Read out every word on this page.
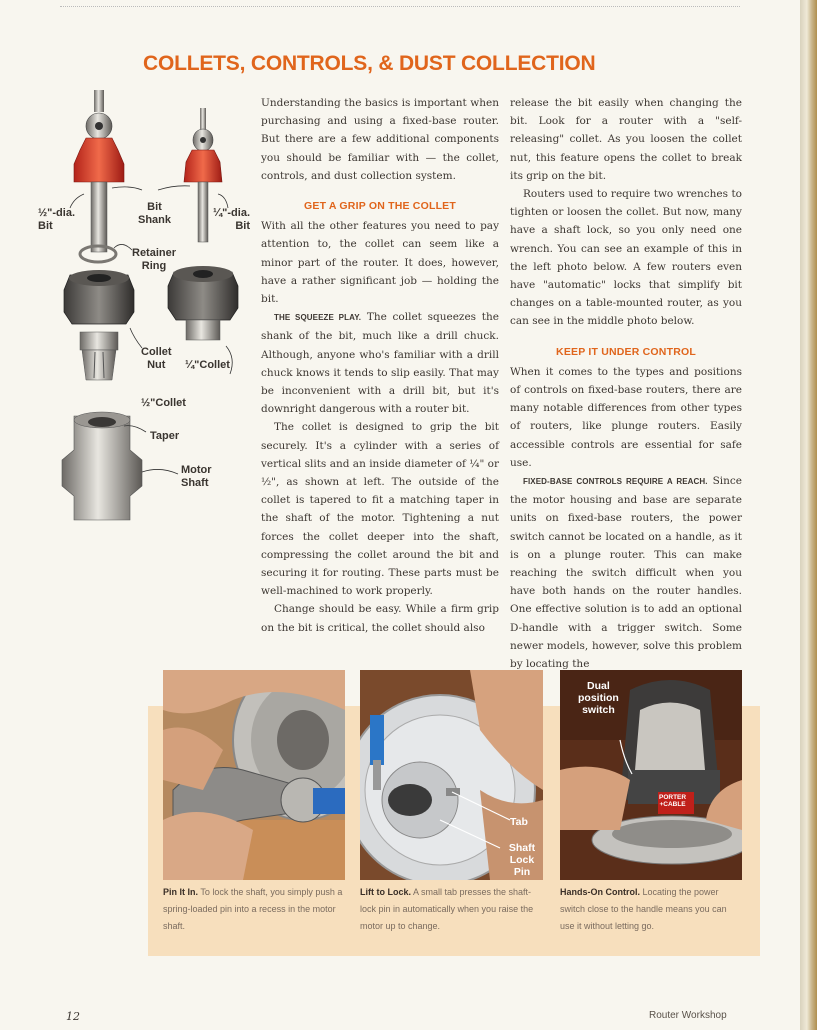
COLLETS, CONTROLS, & DUST COLLECTION
½"-dia.
Bit
Bit
Shank
¼"-dia.
Bit
Retainer
Ring
Collet
Nut	¼"Collet
½"Collet
Taper
Motor
Shaft

Understanding the basics is important when purchasing and using a fixed-base router. But there are a few additional components you should be familiar with — the collet, controls, and dust collection system.

GET A GRIP ON THE COLLET

With all the other features you need to pay attention to, the collet can seem like a minor part of the router. It does, however, have a rather significant job — holding the bit.

THE SQUEEZE PLAY. The collet squeezes the shank of the bit, much like a drill chuck. Although, anyone who's familiar with a drill chuck knows it tends to slip easily. That may be inconvenient with a drill bit, but it's downright dangerous with a router bit.

The collet is designed to grip the bit securely. It's a cylinder with a series of vertical slits and an inside diameter of ¼" or ½", as shown at left. The outside of the collet is tapered to fit a matching taper in the shaft of the motor. Tightening a nut forces the collet deeper into the shaft, compressing the collet around the bit and securing it for routing. These parts must be well-machined to work properly.

Change should be easy. While a firm grip on the bit is critical, the collet should also

release the bit easily when changing the bit. Look for a router with a "self-releasing" collet. As you loosen the collet nut, this feature opens the collet to break its grip on the bit.

Routers used to require two wrenches to tighten or loosen the collet. But now, many have a shaft lock, so you only need one wrench. You can see an example of this in the left photo below. A few routers even have "automatic" locks that simplify bit changes on a table-mounted router, as you can see in the middle photo below.

KEEP IT UNDER CONTROL

When it comes to the types and positions of controls on fixed-base routers, there are many notable differences from other types of routers, like plunge routers. Easily accessible controls are essential for safe use.

FIXED-BASE CONTROLS REQUIRE A REACH. Since the motor housing and base are separate units on fixed-base routers, the power switch cannot be located on a handle, as it is on a plunge router. This can make reaching the switch difficult when you have both hands on the router handles. One effective solution is to add an optional D-handle with a trigger switch. Some newer models, however, solve this problem by locating the

Tab
Shaft
Lock Pin
Dual
position
switch
PORTER
+CABLE
Pin It In. To lock the shaft, you simply push a spring-loaded pin into a recess in the motor shaft.
Lift to Lock. A small tab presses the shaft-lock pin in automatically when you raise the motor up to change.
Hands-On Control. Locating the power switch close to the handle means you can use it without letting go.
12	Router Workshop
